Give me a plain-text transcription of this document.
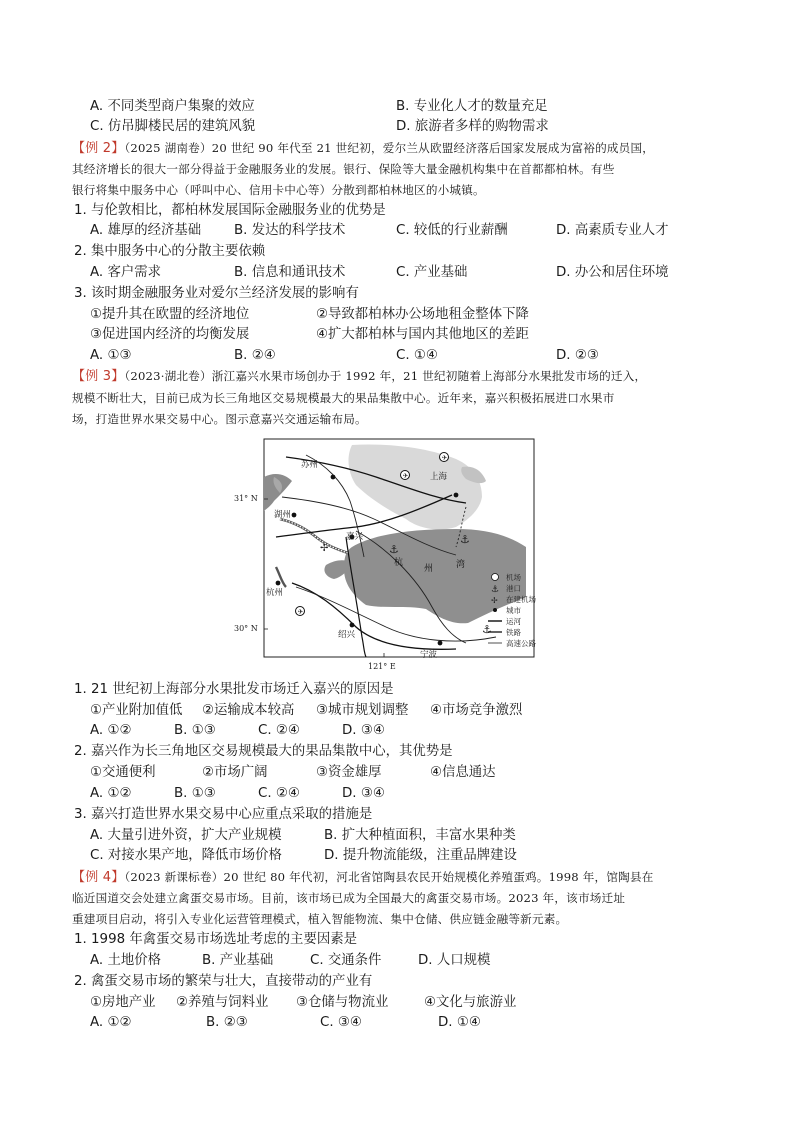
A. 不同类型商户集聚的效应	B. 专业化人才的数量充足
C. 仿吊脚楼民居的建筑风貌	D. 旅游者多样的购物需求
【例 2】（2025 湖南卷）20 世纪 90 年代至 21 世纪初，爱尔兰从欧盟经济落后国家发展成为富裕的成员国，
其经济增长的很大一部分得益于金融服务业的发展。银行、保险等大量金融机构集中在首都都柏林。有些
银行将集中服务中心（呼叫中心、信用卡中心等）分散到都柏林地区的小城镇。
1. 与伦敦相比，都柏林发展国际金融服务业的优势是
A. 雄厚的经济基础 B. 发达的科学技术	C. 较低的行业薪酬	D. 高素质专业人才
2. 集中服务中心的分散主要依赖
A. 客户需求	B. 信息和通讯技术	C. 产业基础	D. 办公和居住环境
3. 该时期金融服务业对爱尔兰经济发展的影响有
①提升其在欧盟的经济地位	②导致都柏林办公场地租金整体下降
③促进国内经济的均衡发展	④扩大都柏林与国内其他地区的差距
A. ①③	B. ②④	C. ①④	D. ②③
【例 3】（2023·湖北卷）浙江嘉兴水果市场创办于 1992 年，21 世纪初随着上海部分水果批发市场的迁入，
规模不断壮大，目前已成为长三角地区交易规模最大的果品集散中心。近年来，嘉兴积极拓展进口水果市
场，打造世界水果交易中心。图示意嘉兴交通运输布局。
✈
✈
✈
⚓
⚓
⚓
✢
苏州
上海
湖州
嘉兴
杭州
绍兴
宁波
杭
州	湾
31° N
30° N
121° E
机场
⚓ 港口
✢ 在建机场
城市
运河
铁路
高速公路
1. 21 世纪初上海部分水果批发市场迁入嘉兴的原因是
①产业附加值低 ②运输成本较高 ③城市规划调整 ④市场竞争激烈
A. ①②	B. ①③	C. ②④	D. ③④
2. 嘉兴作为长三角地区交易规模最大的果品集散中心，其优势是
①交通便利	②市场广阔	③资金雄厚	④信息通达
A. ①②	B. ①③	C. ②④	D. ③④
3. 嘉兴打造世界水果交易中心应重点采取的措施是
A. 大量引进外资，扩大产业规模	B. 扩大种植面积，丰富水果种类
C. 对接水果产地，降低市场价格	D. 提升物流能级，注重品牌建设
【例 4】（2023 新课标卷）20 世纪 80 年代初，河北省馆陶县农民开始规模化养殖蛋鸡。1998 年，馆陶县在
临近国道交会处建立禽蛋交易市场。目前，该市场已成为全国最大的禽蛋交易市场。2023 年，该市场迁址
重建项目启动，将引入专业化运营管理模式，植入智能物流、集中仓储、供应链金融等新元素。
1. 1998 年禽蛋交易市场选址考虑的主要因素是
A. 土地价格	B. 产业基础	C. 交通条件	D. 人口规模
2. 禽蛋交易市场的繁荣与壮大，直接带动的产业有
①房地产业 ②养殖与饲料业 ③仓储与物流业	④文化与旅游业
A. ①②	B. ②③	C. ③④	D. ①④
